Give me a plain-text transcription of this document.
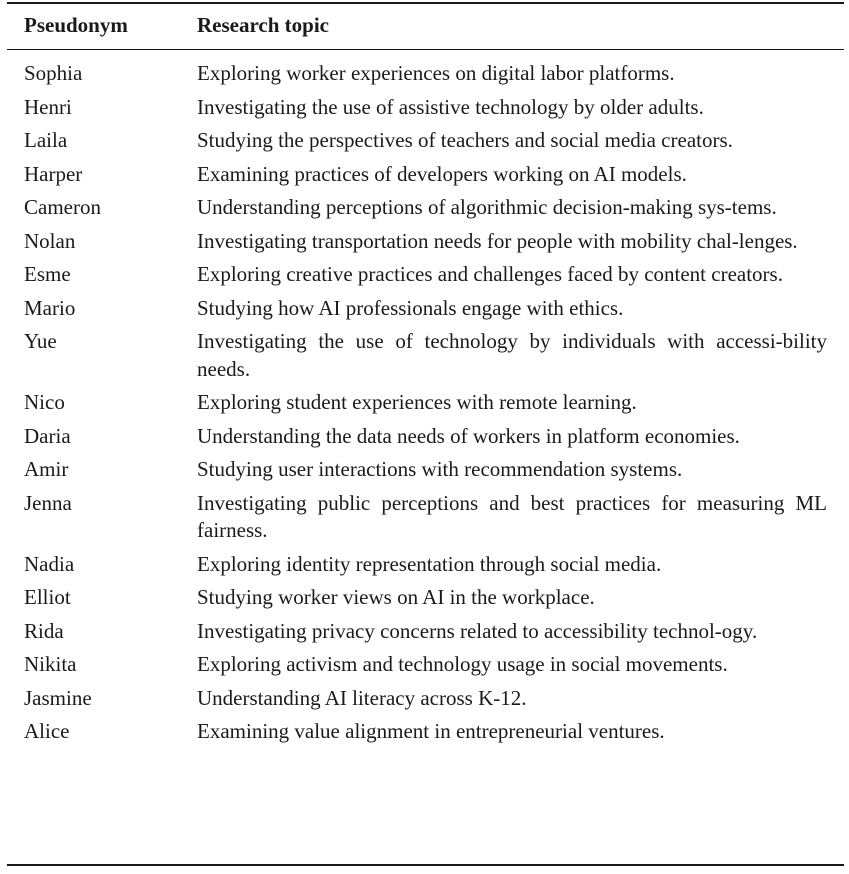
Pseudonym	Research topic
Sophia	Exploring worker experiences on digital labor platforms.
Henri	Investigating the use of assistive technology by older adults.
Laila	Studying the perspectives of teachers and social media creators.
Harper	Examining practices of developers working on AI models.
Cameron	Understanding perceptions of algorithmic decision-making sys-tems.
Nolan	Investigating transportation needs for people with mobility chal-lenges.
Esme	Exploring creative practices and challenges faced by content creators.
Mario	Studying how AI professionals engage with ethics.
Yue	Investigating the use of technology by individuals with accessi-bility needs.
Nico	Exploring student experiences with remote learning.
Daria	Understanding the data needs of workers in platform economies.
Amir	Studying user interactions with recommendation systems.
Jenna	Investigating public perceptions and best practices for measuring ML fairness.
Nadia	Exploring identity representation through social media.
Elliot	Studying worker views on AI in the workplace.
Rida	Investigating privacy concerns related to accessibility technol-ogy.
Nikita	Exploring activism and technology usage in social movements.
Jasmine	Understanding AI literacy across K-12.
Alice	Examining value alignment in entrepreneurial ventures.
